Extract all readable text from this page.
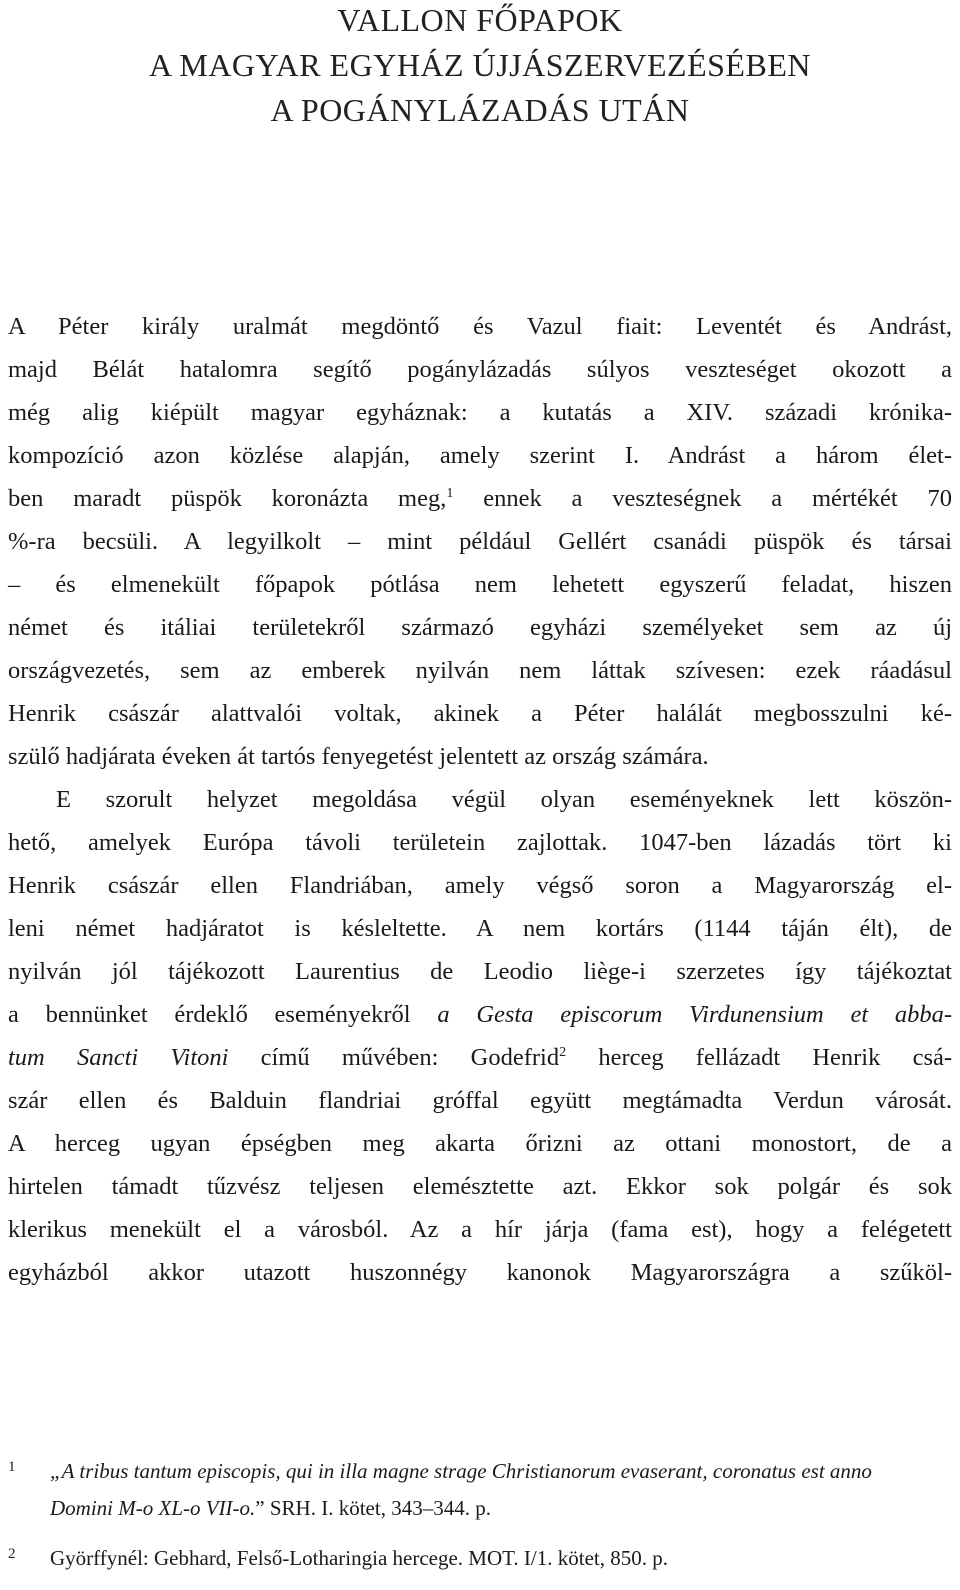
VALLON FŐPAPOK
A MAGYAR EGYHÁZ ÚJJÁSZERVEZÉSÉBEN
A POGÁNYLÁZADÁS UTÁN
A Péter király uralmát megdöntő és Vazul fiait: Leventét és Andrást,
majd Bélát hatalomra segítő pogánylázadás súlyos veszteséget okozott a
még alig kiépült magyar egyháznak: a kutatás a XIV. századi krónika-
kompozíció azon közlése alapján, amely szerint I. Andrást a három élet-
ben maradt püspök koronázta meg,$^1$ ennek a veszteségnek a mértékét 70
%-ra becsüli. A legyilkolt – mint például Gellért csanádi püspök és társai
– és elmenekült főpapok pótlása nem lehetett egyszerű feladat, hiszen
német és itáliai területekről származó egyházi személyeket sem az új
országvezetés, sem az emberek nyilván nem láttak szívesen: ezek ráadásul
Henrik császár alattvalói voltak, akinek a Péter halálát megbosszulni ké-
szülő hadjárata éveken át tartós fenyegetést jelentett az ország számára.
E szorult helyzet megoldása végül olyan eseményeknek lett köszön-
hető, amelyek Európa távoli területein zajlottak. 1047-ben lázadás tört ki
Henrik császár ellen Flandriában, amely végső soron a Magyarország el-
leni német hadjáratot is késleltette. A nem kortárs (1144 táján élt), de
nyilván jól tájékozott Laurentius de Leodio liège-i szerzetes így tájékoztat
a bennünket érdeklő eseményekről a Gesta episcorum Virdunensium et abba-
tum Sancti Vitoni című művében: Godefrid$^2$ herceg fellázadt Henrik csá-
szár ellen és Balduin flandriai gróffal együtt megtámadta Verdun városát.
A herceg ugyan épségben meg akarta őrizni az ottani monostort, de a
hirtelen támadt tűzvész teljesen elemésztette azt. Ekkor sok polgár és sok
klerikus menekült el a városból. Az a hír járja (fama est), hogy a felégetett
egyházból akkor utazott huszonnégy kanonok Magyarországra a szűköl-
1 „A tribus tantum episcopis, qui in illa magne strage Christianorum evaserant, coronatus est anno
Domini M-o XL-o VII-o.” SRH. I. kötet, 343–344. p.
2 Györffynél: Gebhard, Felső-Lotharingia hercege. MOT. I/1. kötet, 850. p.
